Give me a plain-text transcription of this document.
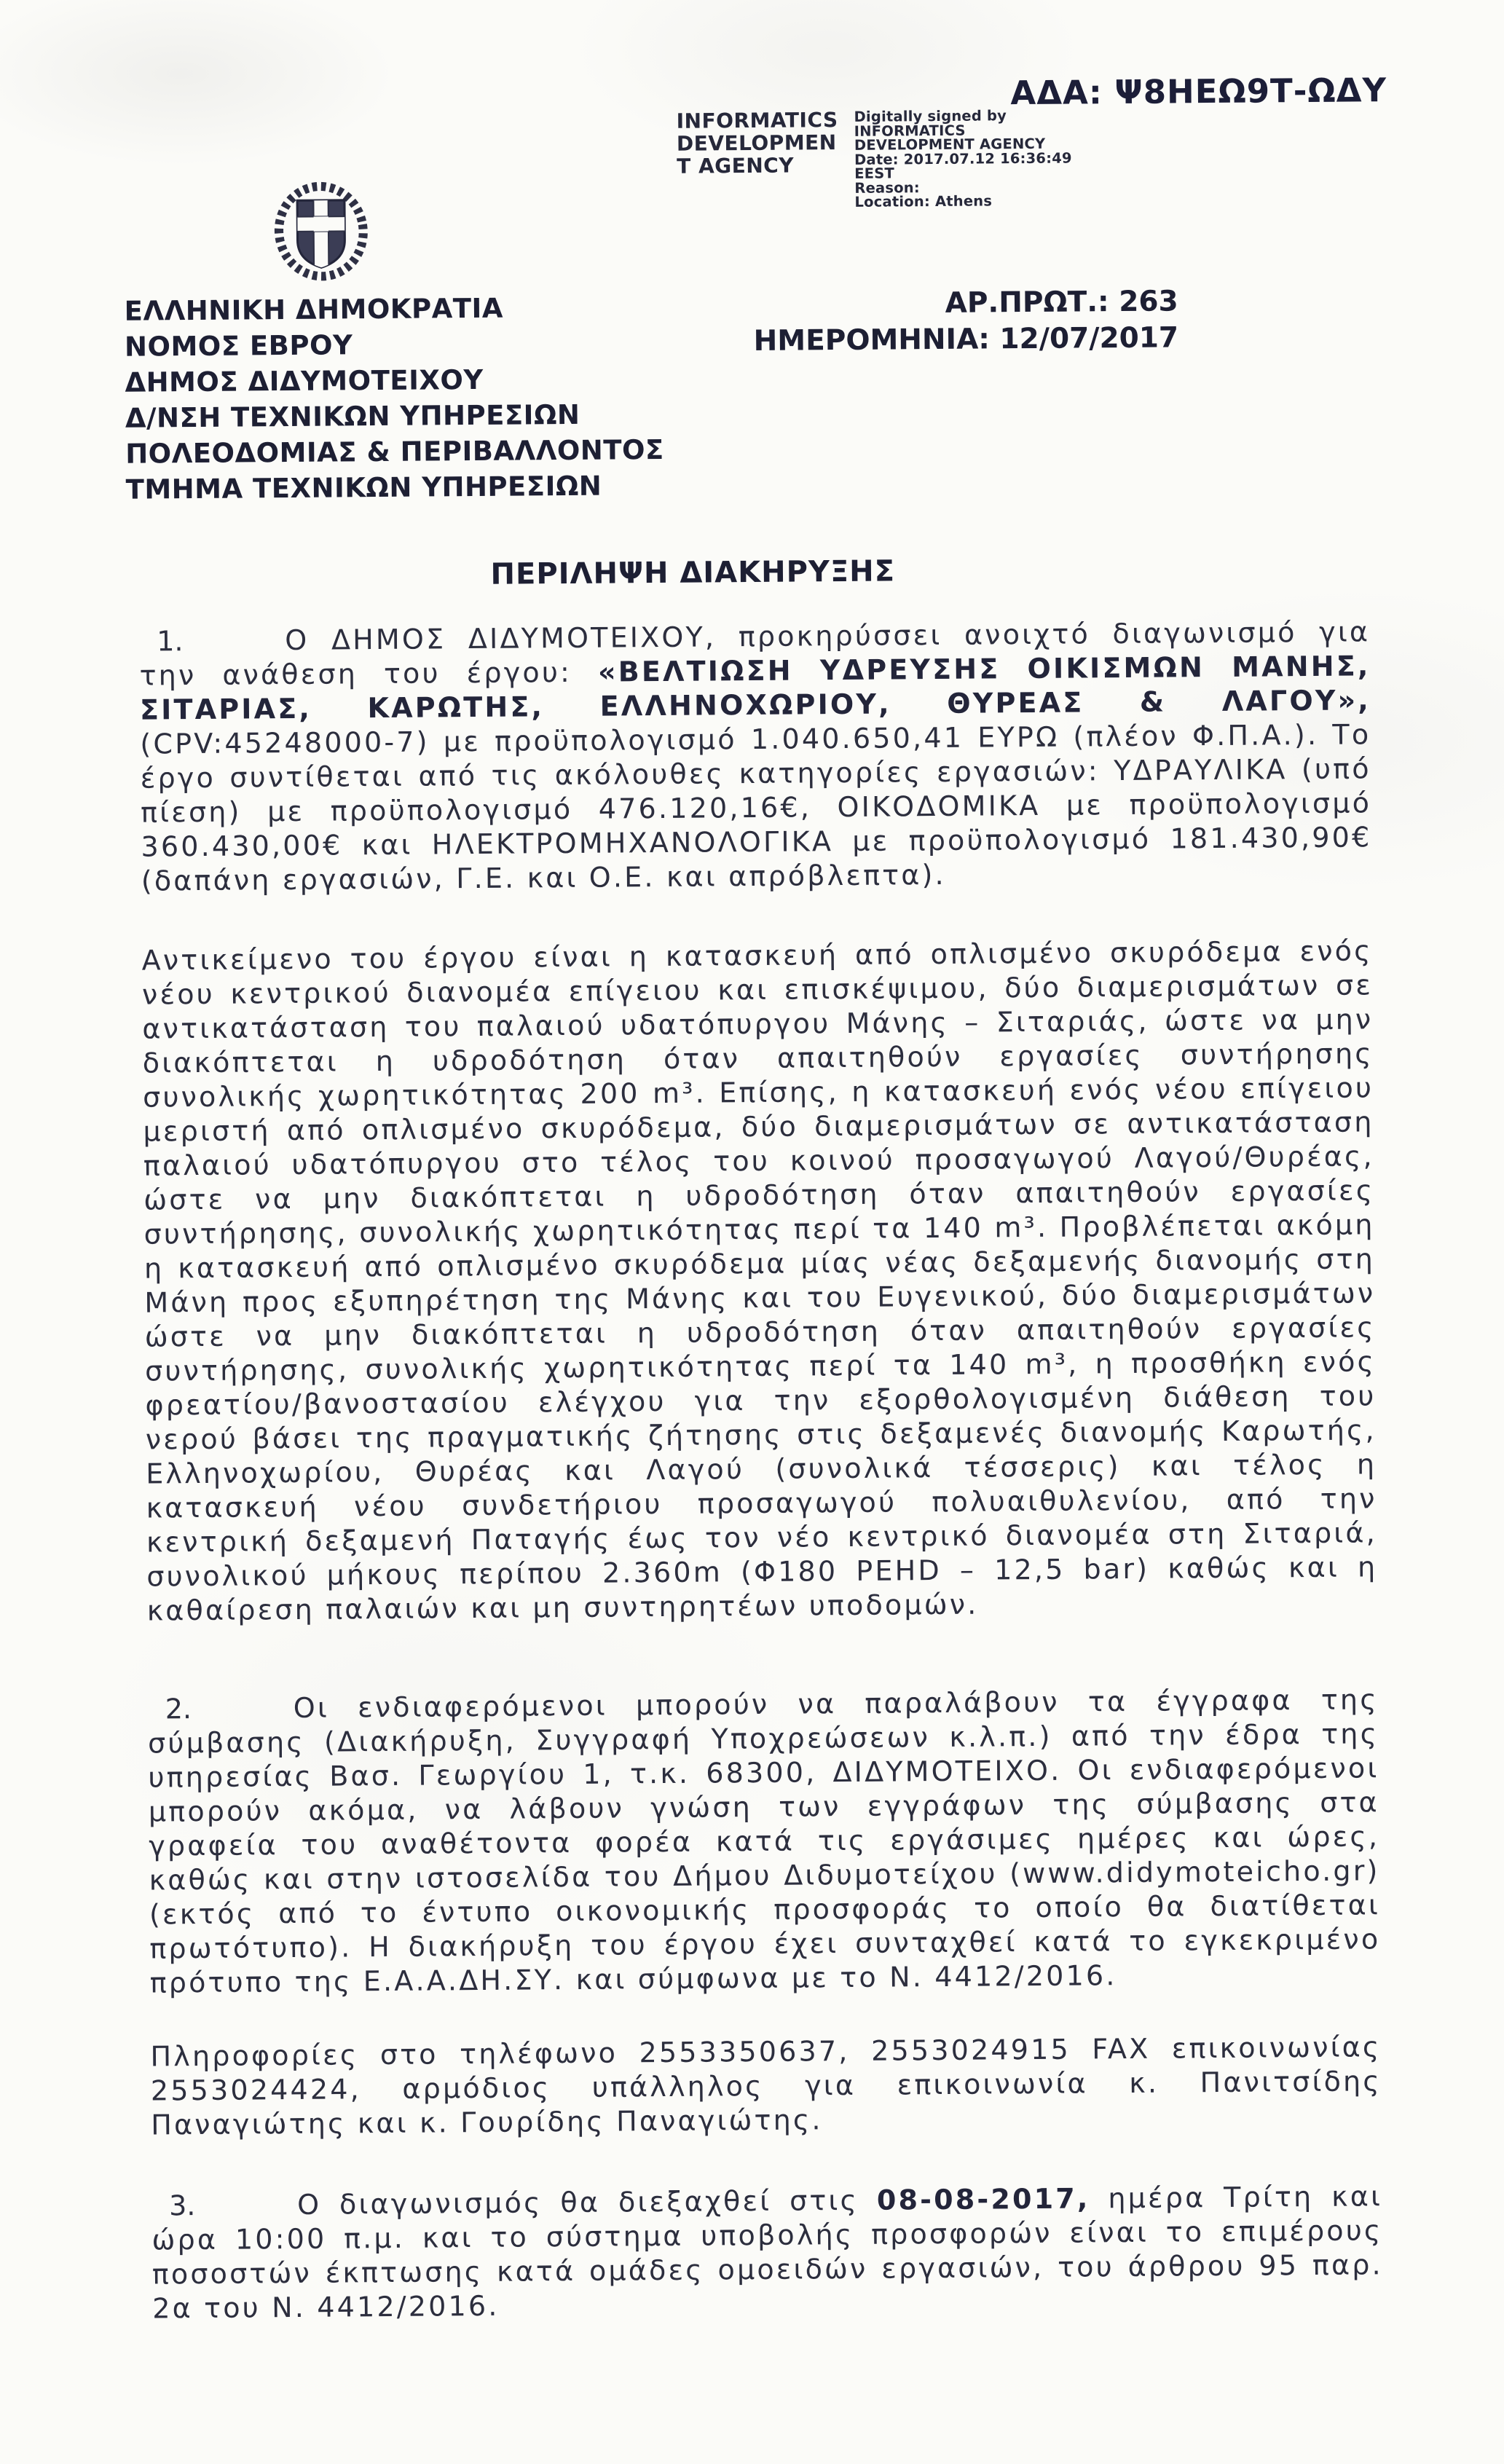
ΑΔΑ: Ψ8ΗΕΩ9Τ-ΩΔΥ
INFORMATICS
DEVELOPMEN
T AGENCY
Digitally signed by
INFORMATICS
DEVELOPMENT AGENCY
Date: 2017.07.12 16:36:49
EEST
Reason:
Location: Athens
ΕΛΛΗΝΙΚΗ ΔΗΜΟΚΡΑΤΙΑ
ΝΟΜΟΣ ΕΒΡΟΥ
ΔΗΜΟΣ ΔΙΔΥΜΟΤΕΙΧΟΥ
Δ/ΝΣΗ ΤΕΧΝΙΚΩΝ ΥΠΗΡΕΣΙΩΝ
ΠΟΛΕΟΔΟΜΙΑΣ & ΠΕΡΙΒΑΛΛΟΝΤΟΣ
ΤΜΗΜΑ ΤΕΧΝΙΚΩΝ ΥΠΗΡΕΣΙΩΝ
ΑΡ.ΠΡΩΤ.: 263
ΗΜΕΡΟΜΗΝΙΑ: 12/07/2017
ΠΕΡΙΛΗΨΗ ΔΙΑΚΗΡΥΞΗΣ

1.	Ο ΔΗΜΟΣ ΔΙΔΥΜΟΤΕΙΧΟΥ, προκηρύσσει ανοιχτό διαγωνισμό για την ανάθεση του έργου: «ΒΕΛΤΙΩΣΗ ΥΔΡΕΥΣΗΣ ΟΙΚΙΣΜΩΝ ΜΑΝΗΣ, ΣΙΤΑΡΙΑΣ, ΚΑΡΩΤΗΣ, ΕΛΛΗΝΟΧΩΡΙΟΥ, ΘΥΡΕΑΣ & ΛΑΓΟΥ», (CPV:45248000-7) με προϋπολογισμό 1.040.650,41 ΕΥΡΩ (πλέον Φ.Π.Α.). Το έργο συντίθεται από τις ακόλουθες κατηγορίες εργασιών: ΥΔΡΑΥΛΙΚΑ (υπό πίεση) με προϋπολογισμό 476.120,16€, ΟΙΚΟΔΟΜΙΚΑ με προϋπολογισμό 360.430,00€ και ΗΛΕΚΤΡΟΜΗΧΑΝΟΛΟΓΙΚΑ με προϋπολογισμό 181.430,90€ (δαπάνη εργασιών, Γ.Ε. και Ο.Ε. και απρόβλεπτα).

Αντικείμενο του έργου είναι η κατασκευή από οπλισμένο σκυρόδεμα ενός νέου κεντρικού διανομέα επίγειου και επισκέψιμου, δύο διαμερισμάτων σε αντικατάσταση του παλαιού υδατόπυργου Μάνης – Σιταριάς, ώστε να μην διακόπτεται η υδροδότηση όταν απαιτηθούν εργασίες συντήρησης συνολικής χωρητικότητας 200 m³. Επίσης, η κατασκευή ενός νέου επίγειου μεριστή από οπλισμένο σκυρόδεμα, δύο διαμερισμάτων σε αντικατάσταση παλαιού υδατόπυργου στο τέλος του κοινού προσαγωγού Λαγού/Θυρέας, ώστε να μην διακόπτεται η υδροδότηση όταν απαιτηθούν εργασίες συντήρησης, συνολικής χωρητικότητας περί τα 140 m³. Προβλέπεται ακόμη η κατασκευή από οπλισμένο σκυρόδεμα μίας νέας δεξαμενής διανομής στη Μάνη προς εξυπηρέτηση της Μάνης και του Ευγενικού, δύο διαμερισμάτων ώστε να μην διακόπτεται η υδροδότηση όταν απαιτηθούν εργασίες συντήρησης, συνολικής χωρητικότητας περί τα 140 m³, η προσθήκη ενός φρεατίου/βανοστασίου ελέγχου για την εξορθολογισμένη διάθεση του νερού βάσει της πραγματικής ζήτησης στις δεξαμενές διανομής Καρωτής, Ελληνοχωρίου, Θυρέας και Λαγού (συνολικά τέσσερις) και τέλος η κατασκευή νέου συνδετήριου προσαγωγού πολυαιθυλενίου, από την κεντρική δεξαμενή Παταγής έως τον νέο κεντρικό διανομέα στη Σιταριά, συνολικού μήκους περίπου 2.360m (Φ180 PEHD – 12,5 bar) καθώς και η καθαίρεση παλαιών και μη συντηρητέων υποδομών.

2.	Οι ενδιαφερόμενοι μπορούν να παραλάβουν τα έγγραφα της σύμβασης (Διακήρυξη, Συγγραφή Υποχρεώσεων κ.λ.π.) από την έδρα της υπηρεσίας Βασ. Γεωργίου 1, τ.κ. 68300, ΔΙΔΥΜΟΤΕΙΧΟ. Οι ενδιαφερόμενοι μπορούν ακόμα, να λάβουν γνώση των εγγράφων της σύμβασης στα γραφεία του αναθέτοντα φορέα κατά τις εργάσιμες ημέρες και ώρες, καθώς και στην ιστοσελίδα του Δήμου Διδυμοτείχου (www.didymoteicho.gr) (εκτός από το έντυπο οικονομικής προσφοράς το οποίο θα διατίθεται πρωτότυπο). Η διακήρυξη του έργου έχει συνταχθεί κατά το εγκεκριμένο πρότυπο της Ε.Α.Α.ΔΗ.ΣΥ. και σύμφωνα με το Ν. 4412/2016.

Πληροφορίες στο τηλέφωνο 2553350637, 2553024915 FAX επικοινωνίας 2553024424, αρμόδιος υπάλληλος για επικοινωνία κ. Πανιτσίδης Παναγιώτης και κ. Γουρίδης Παναγιώτης.

3.	Ο διαγωνισμός θα διεξαχθεί στις 08-08-2017, ημέρα Τρίτη και ώρα 10:00 π.μ. και το σύστημα υποβολής προσφορών είναι το επιμέρους ποσοστών έκπτωσης κατά ομάδες ομοειδών εργασιών, του άρθρου 95 παρ. 2α του Ν. 4412/2016.
